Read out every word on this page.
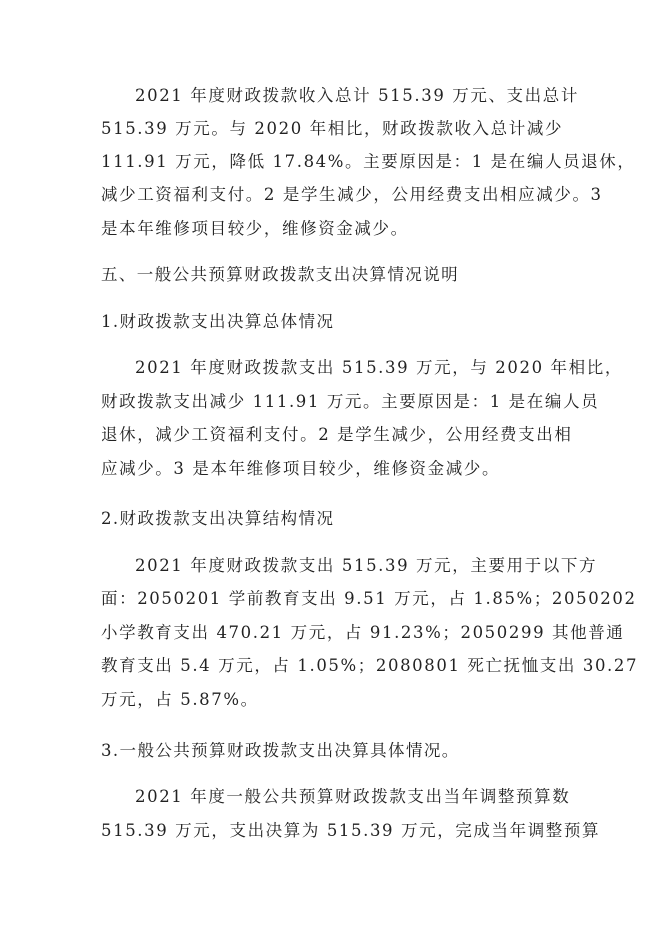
2021 年度财政拨款收入总计 515.39 万元、支出总计
515.39 万元。与 2020 年相比，财政拨款收入总计减少
111.91 万元，降低 17.84%。主要原因是：1 是在编人员退休，
减少工资福利支付。2 是学生减少，公用经费支出相应减少。3
是本年维修项目较少，维修资金减少。
五、一般公共预算财政拨款支出决算情况说明
1.财政拨款支出决算总体情况
2021 年度财政拨款支出 515.39 万元，与 2020 年相比，
财政拨款支出减少 111.91 万元。主要原因是：1 是在编人员
退休，减少工资福利支付。2 是学生减少，公用经费支出相
应减少。3 是本年维修项目较少，维修资金减少。
2.财政拨款支出决算结构情况
2021 年度财政拨款支出 515.39 万元，主要用于以下方
面：2050201 学前教育支出 9.51 万元，占 1.85%；2050202
小学教育支出 470.21 万元，占 91.23%；2050299 其他普通
教育支出 5.4 万元，占 1.05%；2080801 死亡抚恤支出 30.27
万元，占 5.87%。
3.一般公共预算财政拨款支出决算具体情况。
2021 年度一般公共预算财政拨款支出当年调整预算数
515.39 万元，支出决算为 515.39 万元，完成当年调整预算
